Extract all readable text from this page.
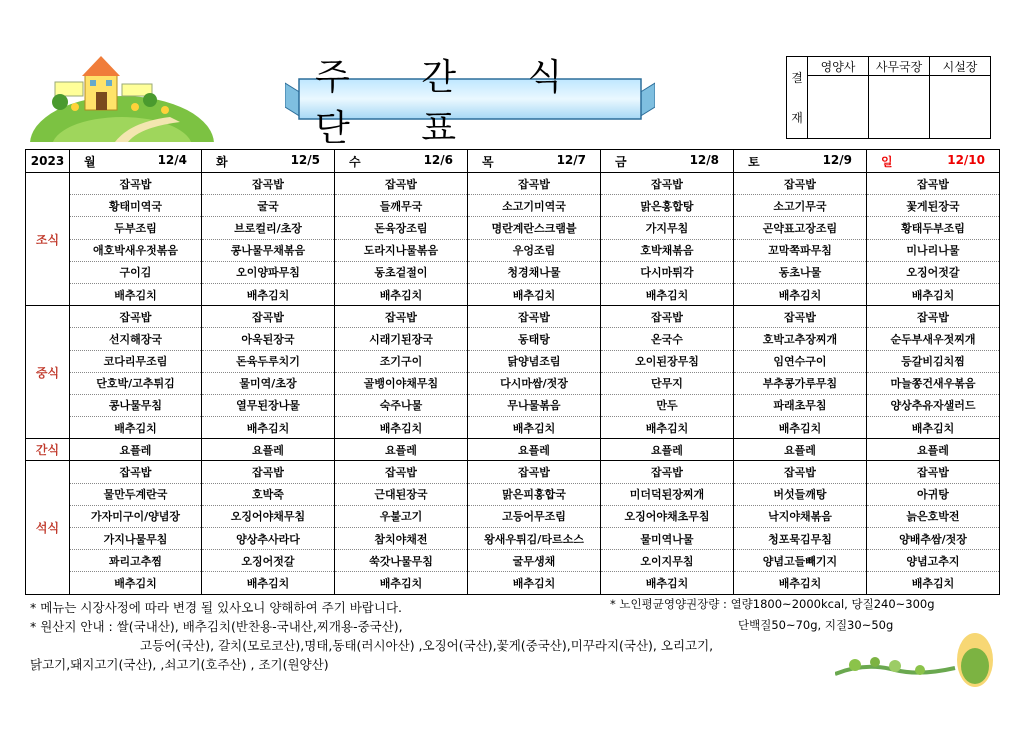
주 간 식 단 표
결
재	영양사	사무국장	시설장

2023	월 12/4	화 12/5	수 12/6	목 12/7	금 12/8	토 12/9	일 12/10

조식	잡곡밥	잡곡밥	잡곡밥	잡곡밥	잡곡밥	잡곡밥	잡곡밥
	황태미역국	굴국	들깨무국	소고기미역국	맑은홍합탕	소고기무국	꽃게된장국
	두부조림	브로컬리/초장	돈육장조림	명란계란스크램블	가지무침	곤약표고장조림	황태두부조림
	애호박새우젓볶음	콩나물무채볶음	도라지나물볶음	우엉조림	호박채볶음	꼬막쪽파무침	미나리나물
	구이김	오이양파무침	동초겉절이	청경채나물	다시마튀각	동초나물	오징어젓갈
	배추김치	배추김치	배추김치	배추김치	배추김치	배추김치	배추김치
중식	잡곡밥	잡곡밥	잡곡밥	잡곡밥	잡곡밥	잡곡밥	잡곡밥
	선지해장국	아욱된장국	시래기된장국	동태탕	온국수	호박고추장찌개	순두부새우젓찌개
	코다리무조림	돈육두루치기	조기구이	닭양념조림	오이된장무침	임연수구이	등갈비김치찜
	단호박/고추튀김	물미역/초장	골뱅이야채무침	다시마쌈/젓장	단무지	부추콩가루무침	마늘쫑건새우볶음
	콩나물무침	열무된장나물	숙주나물	무나물볶음	만두	파래초무침	양상추유자샐러드
	배추김치	배추김치	배추김치	배추김치	배추김치	배추김치	배추김치
간식	요플레	요플레	요플레	요플레	요플레	요플레	요플레
석식	잡곡밥	잡곡밥	잡곡밥	잡곡밥	잡곡밥	잡곡밥	잡곡밥
	물만두계란국	호박죽	근대된장국	맑은피홍합국	미더덕된장찌개	버섯들깨탕	아귀탕
	가자미구이/양념장	오징어야채무침	우불고기	고등어무조림	오징어야채초무침	낙지야채볶음	늙은호박전
	가지나물무침	양상추사라다	참치야채전	왕새우튀김/타르소스	물미역나물	청포묵김무침	양배추쌈/젓장
	꽈리고추찜	오징어젓갈	쑥갓나물무침	굴무생채	오이지무침	양념고들빼기지	양념고추지
	배추김치	배추김치	배추김치	배추김치	배추김치	배추김치	배추김치
* 메뉴는 시장사정에 따라 변경 될 있사오니 양해하여 주기 바랍니다.
* 원산지 안내 : 쌀(국내산), 배추김치(반찬용-국내산,찌개용-중국산),
고등어(국산), 갈치(모로코산),명태,동태(러시아산) ,오징어(국산),꽃게(중국산),미꾸라지(국산), 오리고기,
닭고기,돼지고기(국산), ,쇠고기(호주산) , 조기(원양산)
* 노인평균영양권장량 : 열량1800~2000kcal, 당질240~300g
단백질50~70g, 지질30~50g
